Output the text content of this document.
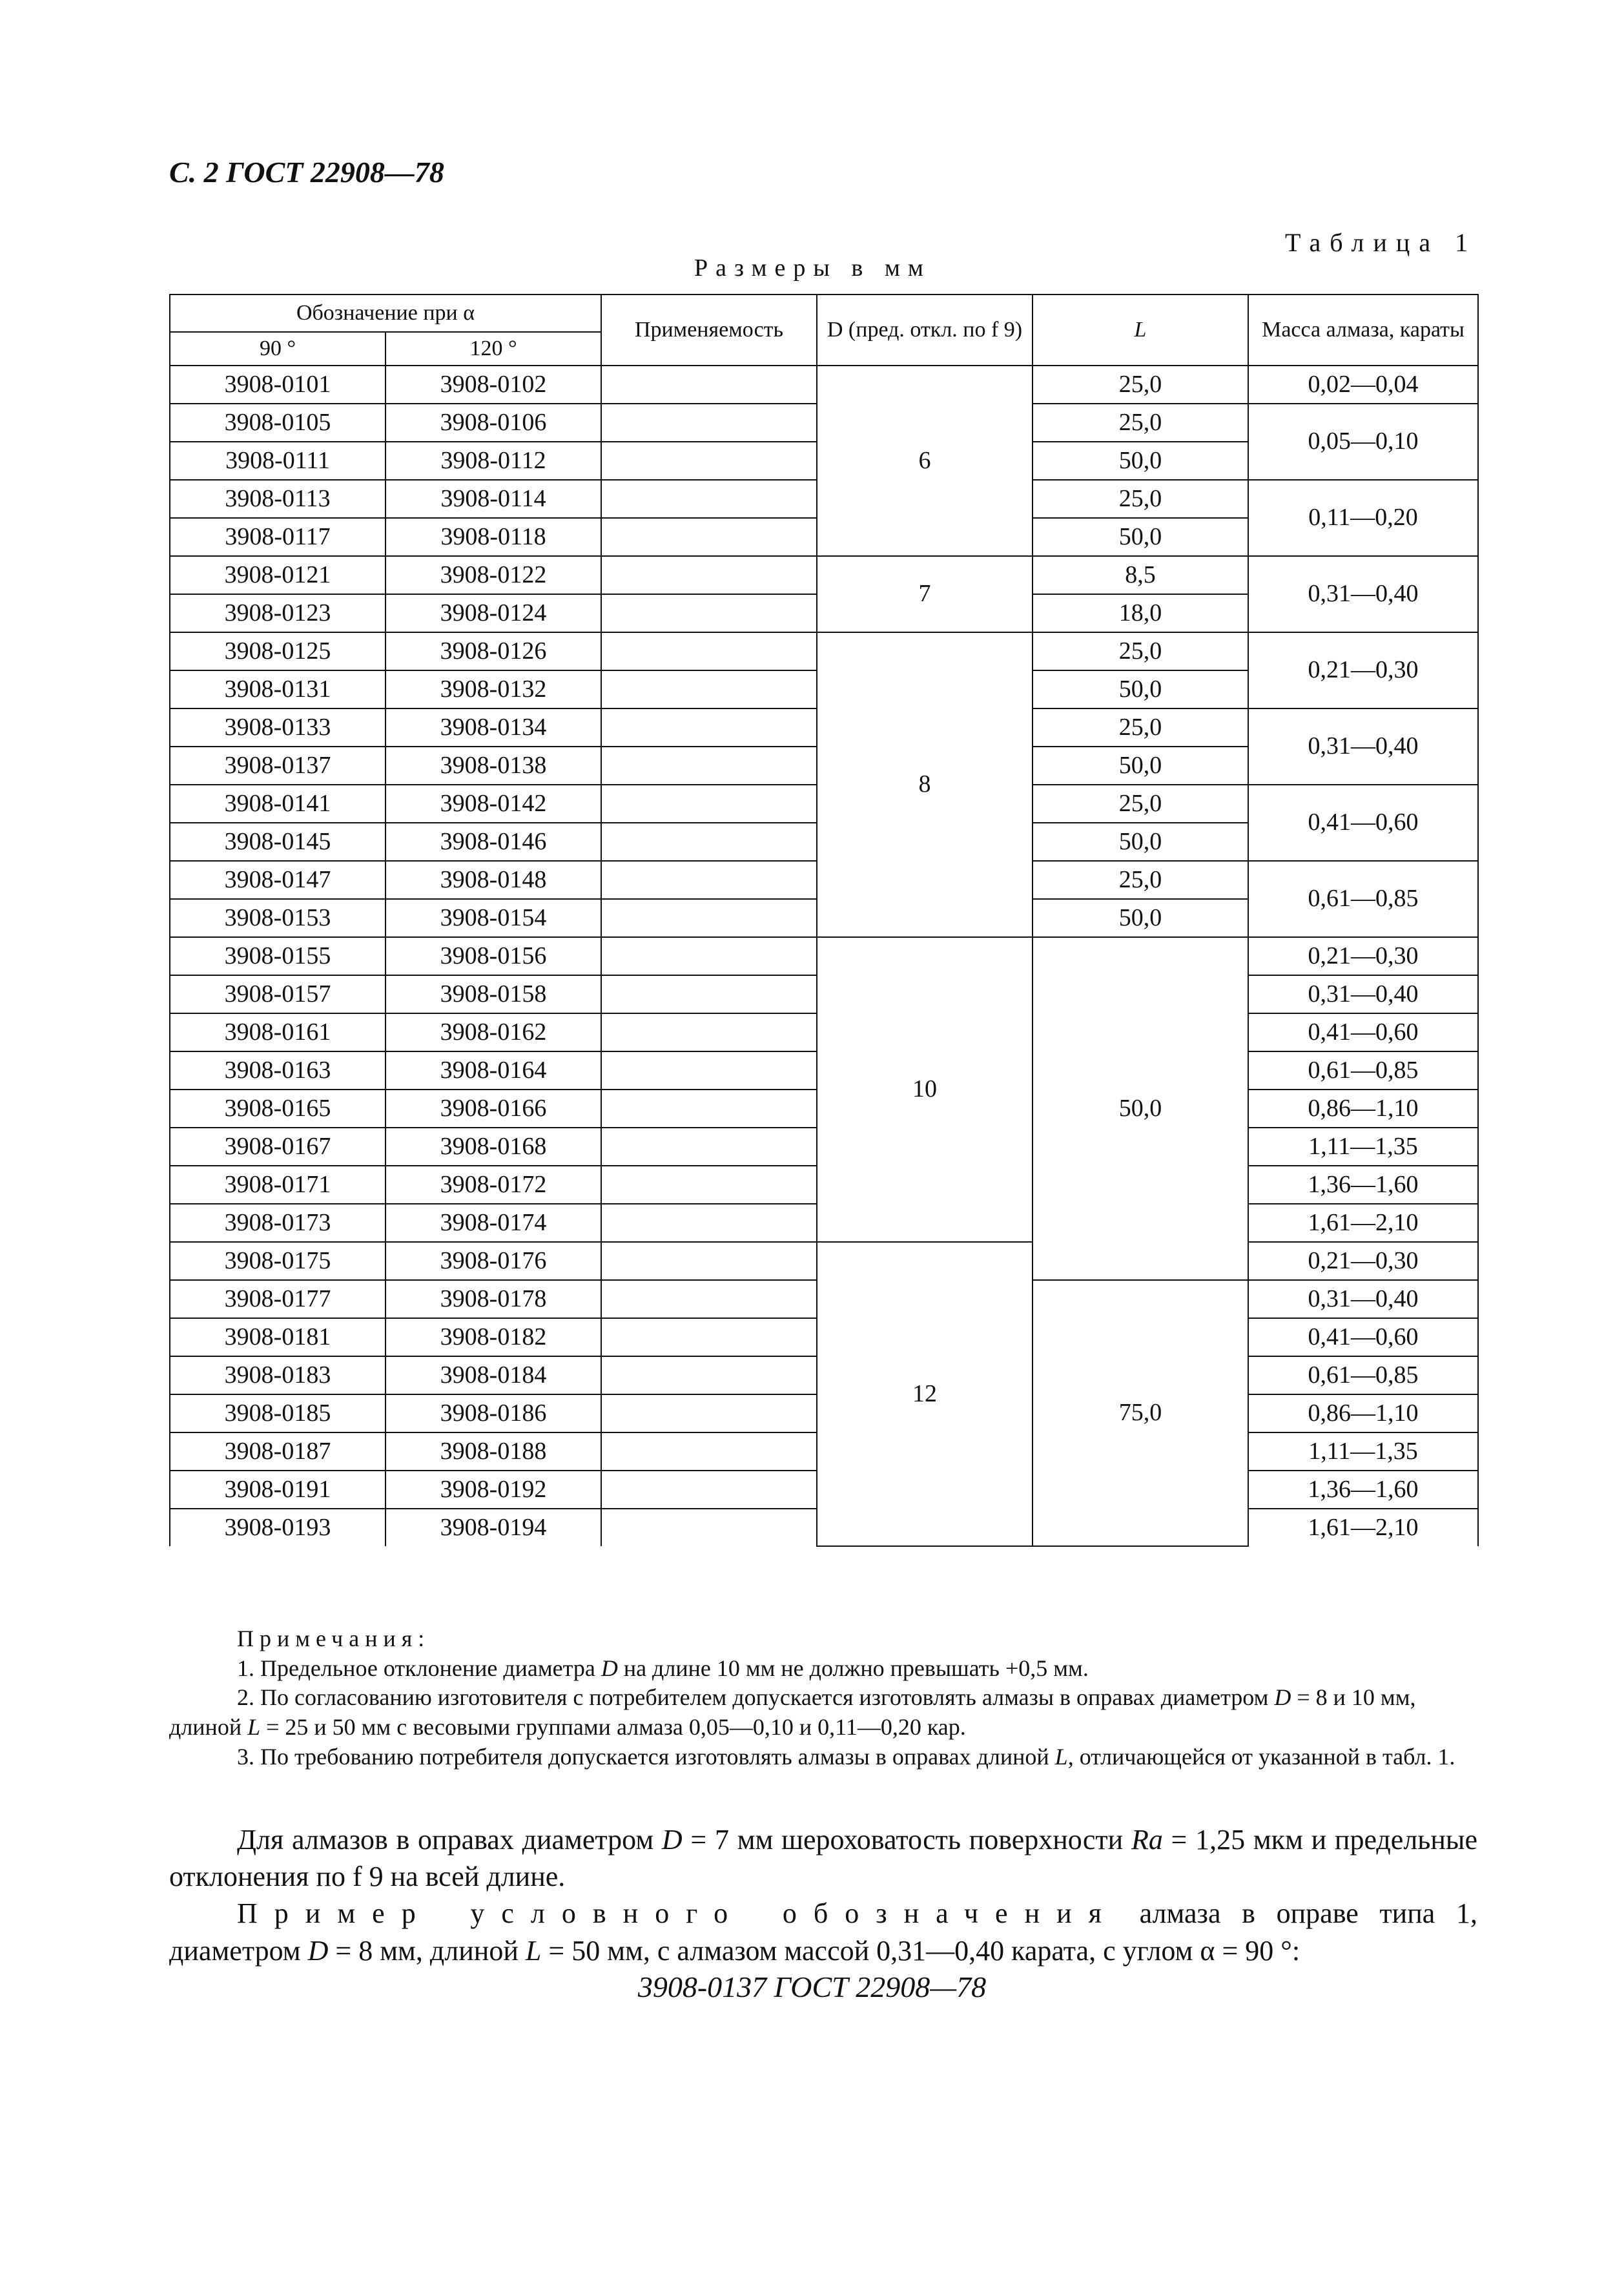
С. 2 ГОСТ 22908—78
Таблица 1
Размеры в мм
Обозначение при α		Применяемость	D (пред. откл. по f 9)	L	Масса алмаза, караты
90 °	120 °				
3908-0101	3908-0102		6	25,0	0,02—0,04
3908-0105	3908-0106			25,0	0,05—0,10
3908-0111	3908-0112			50,0	
3908-0113	3908-0114			25,0	0,11—0,20
3908-0117	3908-0118			50,0	
3908-0121	3908-0122		7	8,5	0,31—0,40
3908-0123	3908-0124			18,0	
3908-0125	3908-0126		8	25,0	0,21—0,30
3908-0131	3908-0132			50,0	
3908-0133	3908-0134			25,0	0,31—0,40
3908-0137	3908-0138			50,0	
3908-0141	3908-0142			25,0	0,41—0,60
3908-0145	3908-0146			50,0	
3908-0147	3908-0148			25,0	0,61—0,85
3908-0153	3908-0154			50,0	
3908-0155	3908-0156		10	50,0	0,21—0,30
3908-0157	3908-0158				0,31—0,40
3908-0161	3908-0162				0,41—0,60
3908-0163	3908-0164				0,61—0,85
3908-0165	3908-0166				0,86—1,10
3908-0167	3908-0168				1,11—1,35
3908-0171	3908-0172				1,36—1,60
3908-0173	3908-0174				1,61—2,10
3908-0175	3908-0176		12		0,21—0,30
3908-0177	3908-0178			75,0	0,31—0,40
3908-0181	3908-0182				0,41—0,60
3908-0183	3908-0184				0,61—0,85
3908-0185	3908-0186				0,86—1,10
3908-0187	3908-0188				1,11—1,35
3908-0191	3908-0192				1,36—1,60
3908-0193	3908-0194				1,61—2,10
Примечания:
1. Предельное отклонение диаметра D на длине 10 мм не должно превышать +0,5 мм.
2. По согласованию изготовителя с потребителем допускается изготовлять алмазы в оправах диаметром D = 8 и 10 мм, длиной L = 25 и 50 мм с весовыми группами алмаза 0,05—0,10 и 0,11—0,20 кар.
3. По требованию потребителя допускается изготовлять алмазы в оправах длиной L, отличающейся от указанной в табл. 1.

Для алмазов в оправах диаметром D = 7 мм шероховатость поверхности Ra = 1,25 мкм и предельные отклонения по f 9 на всей длине.

Пример условного обозначения алмаза в оправе типа 1, диаметром D = 8 мм, длиной L = 50 мм, с алмазом массой 0,31—0,40 карата, с углом α = 90 °:

3908-0137 ГОСТ 22908—78
